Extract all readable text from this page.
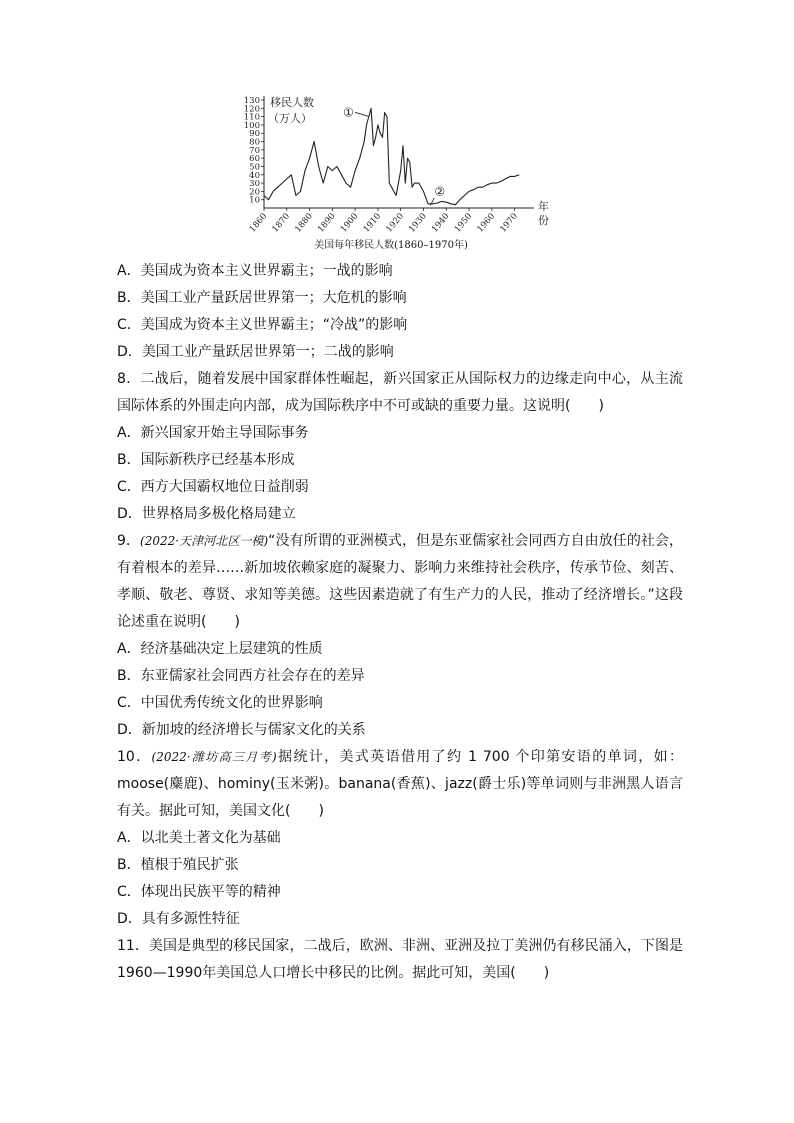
10
20
30
40
50
60
70
80
90
100
110
120
130
1860 1870 1880 1890 1900 1910 1920 1930 1940 1950 1960 1970
移民人数
（万人）
年
份
①
②
美国每年移民人数(1860–1970年)
A．美国成为资本主义世界霸主；一战的影响
B．美国工业产量跃居世界第一；大危机的影响
C．美国成为资本主义世界霸主；“冷战”的影响
D．美国工业产量跃居世界第一；二战的影响
8．二战后，随着发展中国家群体性崛起，新兴国家正从国际权力的边缘走向中心，从主流国际体系的外围走向内部，成为国际秩序中不可或缺的重要力量。这说明(　　)
A．新兴国家开始主导国际事务
B．国际新秩序已经基本形成
C．西方大国霸权地位日益削弱
D．世界格局多极化格局建立
9．(2022·天津河北区一模)“没有所谓的亚洲模式，但是东亚儒家社会同西方自由放任的社会，有着根本的差异……新加坡依赖家庭的凝聚力、影响力来维持社会秩序，传承节俭、刻苦、孝顺、敬老、尊贤、求知等美德。这些因素造就了有生产力的人民，推动了经济增长。”这段论述重在说明(　　)
A．经济基础决定上层建筑的性质
B．东亚儒家社会同西方社会存在的差异
C．中国优秀传统文化的世界影响
D．新加坡的经济增长与儒家文化的关系
10．(2022·潍坊高三月考)据统计，美式英语借用了约 1 700 个印第安语的单词，如：moose(麋鹿)、hominy(玉米粥)。banana(香蕉)、jazz(爵士乐)等单词则与非洲黑人语言有关。据此可知，美国文化(　　)
A．以北美土著文化为基础
B．植根于殖民扩张
C．体现出民族平等的精神
D．具有多源性特征
11．美国是典型的移民国家，二战后，欧洲、非洲、亚洲及拉丁美洲仍有移民涌入，下图是1960—1990年美国总人口增长中移民的比例。据此可知，美国(　　)
